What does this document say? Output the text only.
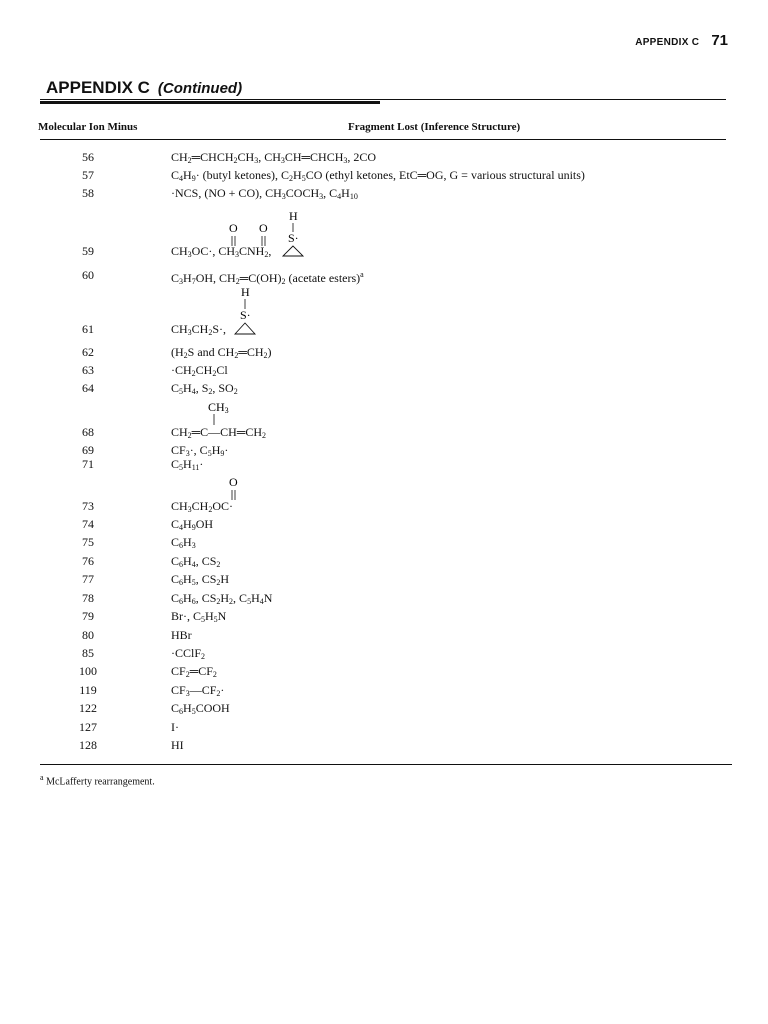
APPENDIX C 71
APPENDIX C (Continued)
Molecular Ion Minus	Fragment Lost (Inference Structure)
56	$CH_2═CHCH_2CH_3$, $CH_3CH═CHCH_3$, 2CO
57	$C_4H_9\cdot$ (butyl ketones), $C_2H_5CO$ (ethyl ketones, EtC═OG, G = various structural units)
58	·NCS, (NO + CO), $CH_3COCH_3$, $C_4H_{10}$
59	$CH_3OC\cdot$, $CH_3CNH_2$,
O O
H
S·
60	$C_3H_7OH$, $CH_2═C(OH)_2$ (acetate esters)$^a$
61	$CH_3CH_2S\cdot$,
H
S·
62	($H_2S$ and $CH_2═CH_2$)
63	$\cdot CH_2CH_2Cl$
64	$C_5H_4$, $S_2$, $SO_2$
CH3
68	$CH_2═C—CH═CH_2$
69	$CF_3\cdot$, $C_5H_9\cdot$
71	$C_5H_{11}\cdot$
O
73	$CH_3CH_2OC\cdot$
74	$C_4H_9OH$
75	$C_6H_3$
76	$C_6H_4$, $CS_2$
77	$C_6H_5$, $CS_2H$
78	$C_6H_6$, $CS_2H_2$, $C_5H_4N$
79	Br·, $C_5H_5N$
80	HBr
85	·CClF$_2$
100	$CF_2═CF_2$
119	$CF_3—CF_2\cdot$
122	$C_6H_5COOH$
127	I·
128	HI
$^a$ McLafferty rearrangement.
